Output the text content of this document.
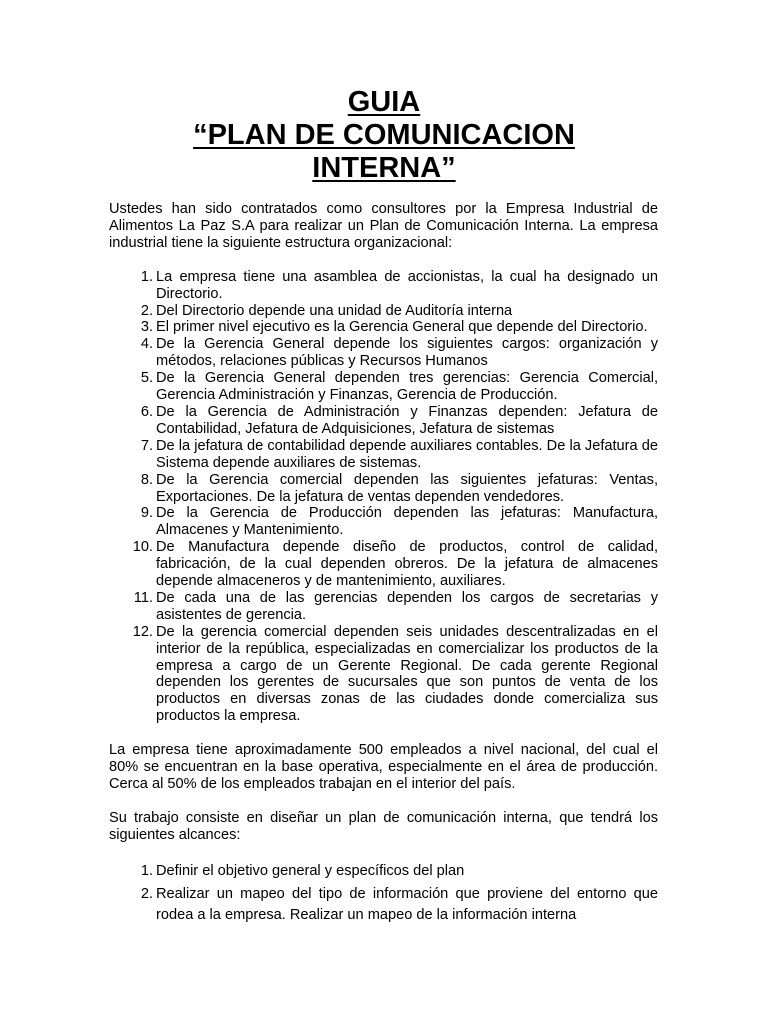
GUIA
“PLAN DE COMUNICACION
INTERNA”

Ustedes han sido contratados como consultores por la Empresa Industrial de Alimentos La Paz S.A para realizar un Plan de Comunicación Interna. La empresa industrial tiene la siguiente estructura organizacional:

1. La empresa tiene una asamblea de accionistas, la cual ha designado un Directorio.
2. Del Directorio depende una unidad de Auditoría interna
3. El primer nivel ejecutivo es la Gerencia General que depende del Directorio.
4. De la Gerencia General depende los siguientes cargos: organización y métodos, relaciones públicas y Recursos Humanos
5. De la Gerencia General dependen tres gerencias: Gerencia Comercial, Gerencia Administración y Finanzas, Gerencia de Producción.
6. De la Gerencia de Administración y Finanzas dependen: Jefatura de Contabilidad, Jefatura de Adquisiciones, Jefatura de sistemas
7. De la jefatura de contabilidad depende auxiliares contables. De la Jefatura de Sistema depende auxiliares de sistemas.
8. De la Gerencia comercial dependen las siguientes jefaturas: Ventas, Exportaciones. De la jefatura de ventas dependen vendedores.
9. De la Gerencia de Producción dependen las jefaturas: Manufactura, Almacenes y Mantenimiento.
10. De Manufactura depende diseño de productos, control de calidad, fabricación, de la cual dependen obreros. De la jefatura de almacenes depende almaceneros y de mantenimiento, auxiliares.
11. De cada una de las gerencias dependen los cargos de secretarias y asistentes de gerencia.
12. De la gerencia comercial dependen seis unidades descentralizadas en el interior de la república, especializadas en comercializar los productos de la empresa a cargo de un Gerente Regional. De cada gerente Regional dependen los gerentes de sucursales que son puntos de venta de los productos en diversas zonas de las ciudades donde comercializa sus productos la empresa.

La empresa tiene aproximadamente 500 empleados a nivel nacional, del cual el 80% se encuentran en la base operativa, especialmente en el área de producción. Cerca al 50% de los empleados trabajan en el interior del país.

Su trabajo consiste en diseñar un plan de comunicación interna, que tendrá los siguientes alcances:

1. Definir el objetivo general y específicos del plan
2. Realizar un mapeo del tipo de información que proviene del entorno que rodea a la empresa. Realizar un mapeo de la información interna
